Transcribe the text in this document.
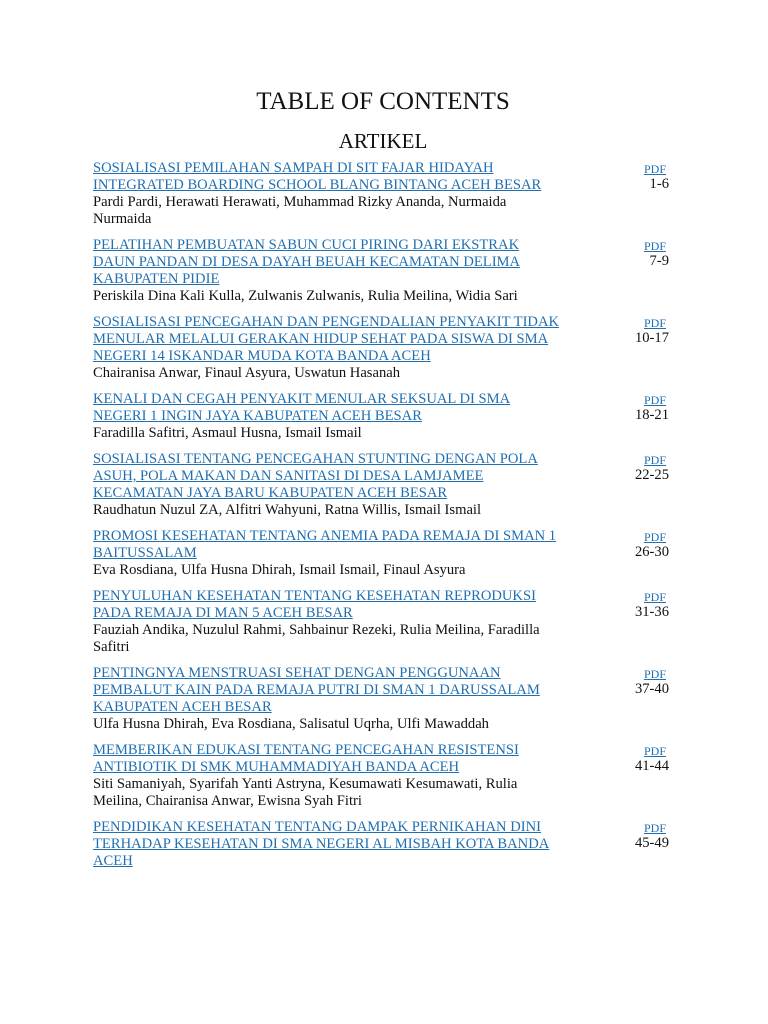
TABLE OF CONTENTS
ARTIKEL
SOSIALISASI PEMILAHAN SAMPAH DI SIT FAJAR HIDAYAH INTEGRATED BOARDING SCHOOL BLANG BINTANG ACEH BESAR
Pardi Pardi, Herawati Herawati, Muhammad Rizky Ananda, Nurmaida Nurmaida
PDF
1-6
PELATIHAN PEMBUATAN SABUN CUCI PIRING DARI EKSTRAK DAUN PANDAN DI DESA DAYAH BEUAH KECAMATAN DELIMA KABUPATEN PIDIE
Periskila Dina Kali Kulla, Zulwanis Zulwanis, Rulia Meilina, Widia Sari
PDF
7-9
SOSIALISASI PENCEGAHAN DAN PENGENDALIAN PENYAKIT TIDAK MENULAR MELALUI GERAKAN HIDUP SEHAT PADA SISWA DI SMA NEGERI 14 ISKANDAR MUDA KOTA BANDA ACEH
Chairanisa Anwar, Finaul Asyura, Uswatun Hasanah
PDF
10-17
KENALI DAN CEGAH PENYAKIT MENULAR SEKSUAL DI SMA NEGERI 1 INGIN JAYA KABUPATEN ACEH BESAR
Faradilla Safitri, Asmaul Husna, Ismail Ismail
PDF
18-21
SOSIALISASI TENTANG PENCEGAHAN STUNTING DENGAN POLA ASUH, POLA MAKAN DAN SANITASI DI DESA LAMJAMEE KECAMATAN JAYA BARU KABUPATEN ACEH BESAR
Raudhatun Nuzul ZA, Alfitri Wahyuni, Ratna Willis, Ismail Ismail
PDF
22-25
PROMOSI KESEHATAN TENTANG ANEMIA PADA REMAJA DI SMAN 1 BAITUSSALAM
Eva Rosdiana, Ulfa Husna Dhirah, Ismail Ismail, Finaul Asyura
PDF
26-30
PENYULUHAN KESEHATAN TENTANG KESEHATAN REPRODUKSI PADA REMAJA DI MAN 5 ACEH BESAR
Fauziah Andika, Nuzulul Rahmi, Sahbainur Rezeki, Rulia Meilina, Faradilla Safitri
PDF
31-36
PENTINGNYA MENSTRUASI SEHAT DENGAN PENGGUNAAN PEMBALUT KAIN PADA REMAJA PUTRI DI SMAN 1 DARUSSALAM KABUPATEN ACEH BESAR
Ulfa Husna Dhirah, Eva Rosdiana, Salisatul Uqrha, Ulfi Mawaddah
PDF
37-40
MEMBERIKAN EDUKASI TENTANG PENCEGAHAN RESISTENSI ANTIBIOTIK DI SMK MUHAMMADIYAH BANDA ACEH
Siti Samaniyah, Syarifah Yanti Astryna, Kesumawati Kesumawati, Rulia Meilina, Chairanisa Anwar, Ewisna Syah Fitri
PDF
41-44
PENDIDIKAN KESEHATAN TENTANG DAMPAK PERNIKAHAN DINI TERHADAP KESEHATAN DI SMA NEGERI AL MISBAH KOTA BANDA ACEH
PDF
45-49
